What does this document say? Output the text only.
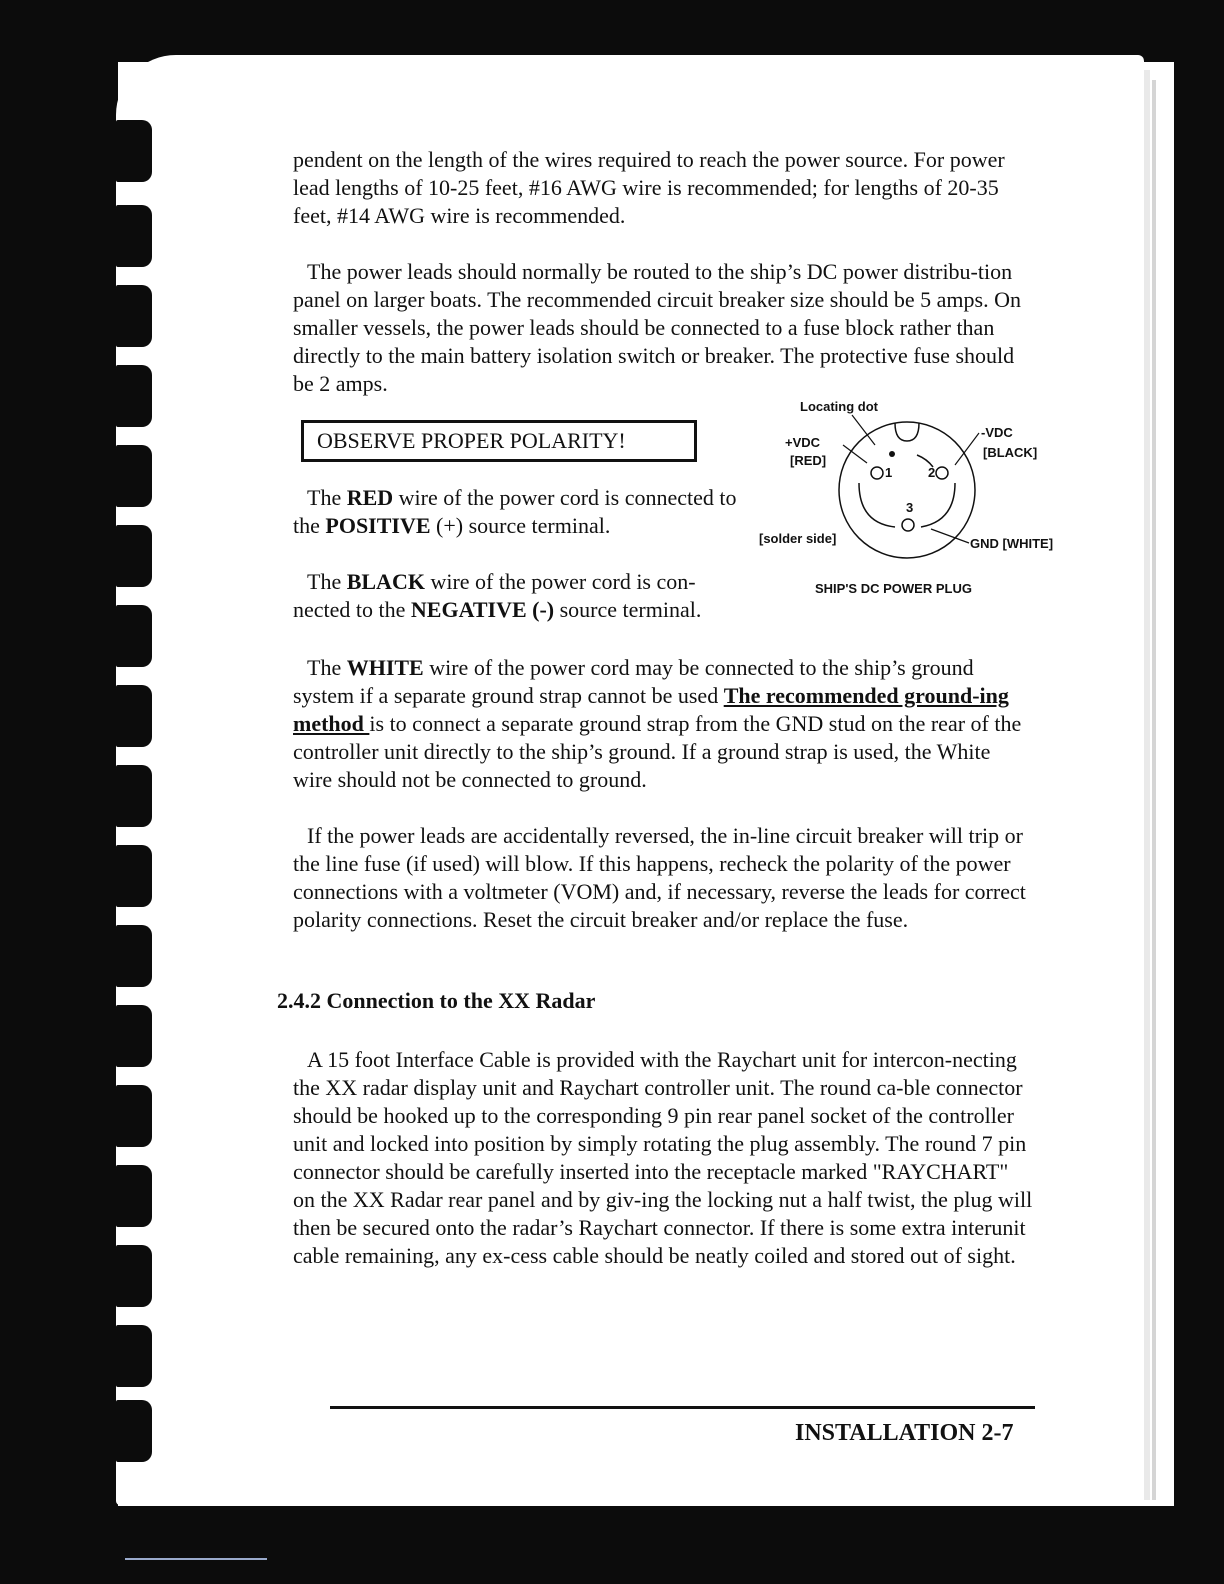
pendent on the length of the wires required to reach the power source. For power lead lengths of 10-25 feet, #16 AWG wire is recommended; for lengths of 20-35 feet, #14 AWG wire is recommended.

The power leads should normally be routed to the ship’s DC power distribu-tion panel on larger boats. The recommended circuit breaker size should be 5 amps. On smaller vessels, the power leads should be connected to a fuse block rather than directly to the main battery isolation switch or breaker. The protective fuse should be 2 amps.

OBSERVE PROPER POLARITY!

The RED wire of the power cord is connected to the POSITIVE (+) source terminal.

The BLACK wire of the power cord is con-nected to the NEGATIVE (-) source terminal.

The WHITE wire of the power cord may be connected to the ship’s ground system if a separate ground strap cannot be used The recommended ground-ing method is to connect a separate ground strap from the GND stud on the rear of the controller unit directly to the ship’s ground. If a ground strap is used, the White wire should not be connected to ground.

If the power leads are accidentally reversed, the in-line circuit breaker will trip or the line fuse (if used) will blow. If this happens, recheck the polarity of the power connections with a voltmeter (VOM) and, if necessary, reverse the leads for correct polarity connections. Reset the circuit breaker and/or replace the fuse.

2.4.2 Connection to the XX Radar

A 15 foot Interface Cable is provided with the Raychart unit for intercon-necting the XX radar display unit and Raychart controller unit. The round ca-ble connector should be hooked up to the corresponding 9 pin rear panel socket of the controller unit and locked into position by simply rotating the plug assembly. The round 7 pin connector should be carefully inserted into the receptacle marked "RAYCHART" on the XX Radar rear panel and by giv-ing the locking nut a half twist, the plug will then be secured onto the radar’s Raychart connector. If there is some extra interunit cable remaining, any ex-cess cable should be neatly coiled and stored out of sight.

Locating dot
+VDC
[RED]
-VDC
[BLACK]
1	2
3
[solder side]	GND [WHITE]
SHIP'S DC POWER PLUG
INSTALLATION 2-7
